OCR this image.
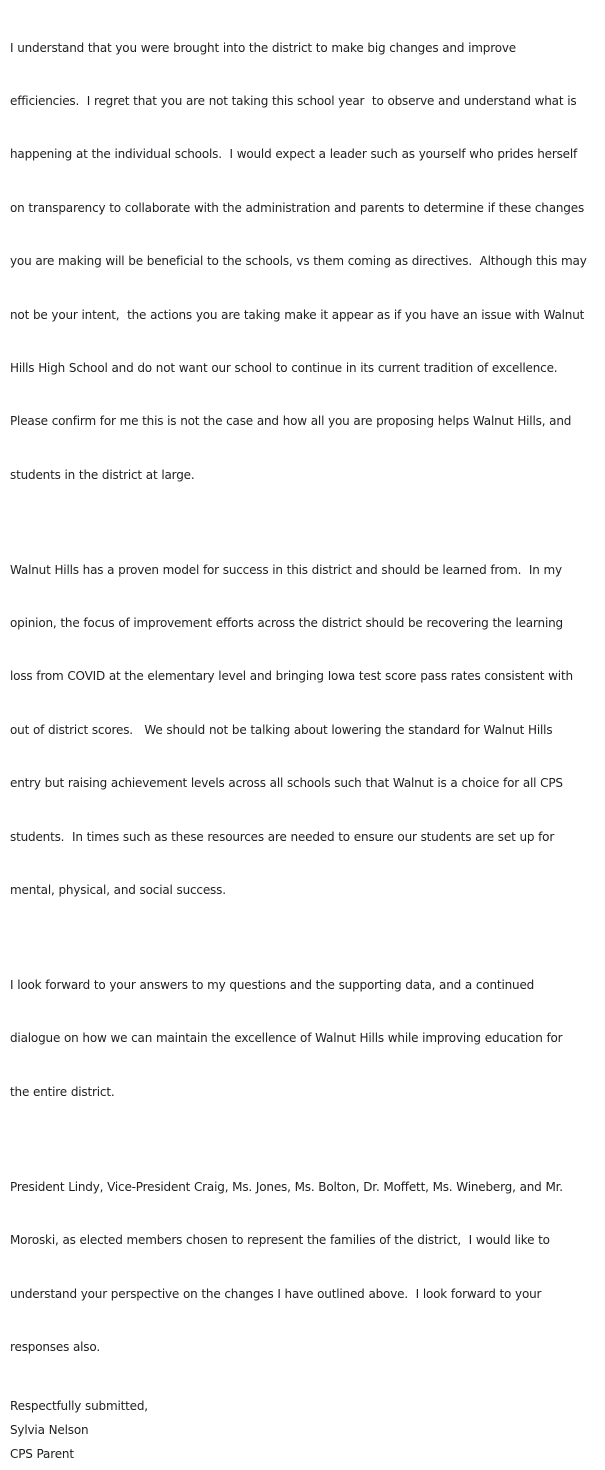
I understand that you were brought into the district to make big changes and improve

efficiencies.  I regret that you are not taking this school year  to observe and understand what is

happening at the individual schools.  I would expect a leader such as yourself who prides herself

on transparency to collaborate with the administration and parents to determine if these changes

you are making will be beneficial to the schools, vs them coming as directives.  Although this may

not be your intent,  the actions you are taking make it appear as if you have an issue with Walnut

Hills High School and do not want our school to continue in its current tradition of excellence.

Please confirm for me this is not the case and how all you are proposing helps Walnut Hills, and

students in the district at large.

Walnut Hills has a proven model for success in this district and should be learned from.  In my

opinion, the focus of improvement efforts across the district should be recovering the learning

loss from COVID at the elementary level and bringing Iowa test score pass rates consistent with

out of district scores.   We should not be talking about lowering the standard for Walnut Hills

entry but raising achievement levels across all schools such that Walnut is a choice for all CPS

students.  In times such as these resources are needed to ensure our students are set up for

mental, physical, and social success.

I look forward to your answers to my questions and the supporting data, and a continued

dialogue on how we can maintain the excellence of Walnut Hills while improving education for

the entire district.

President Lindy, Vice-President Craig, Ms. Jones, Ms. Bolton, Dr. Moffett, Ms. Wineberg, and Mr.

Moroski, as elected members chosen to represent the families of the district,  I would like to

understand your perspective on the changes I have outlined above.  I look forward to your

responses also.

Respectfully submitted,
Sylvia Nelson
CPS Parent
